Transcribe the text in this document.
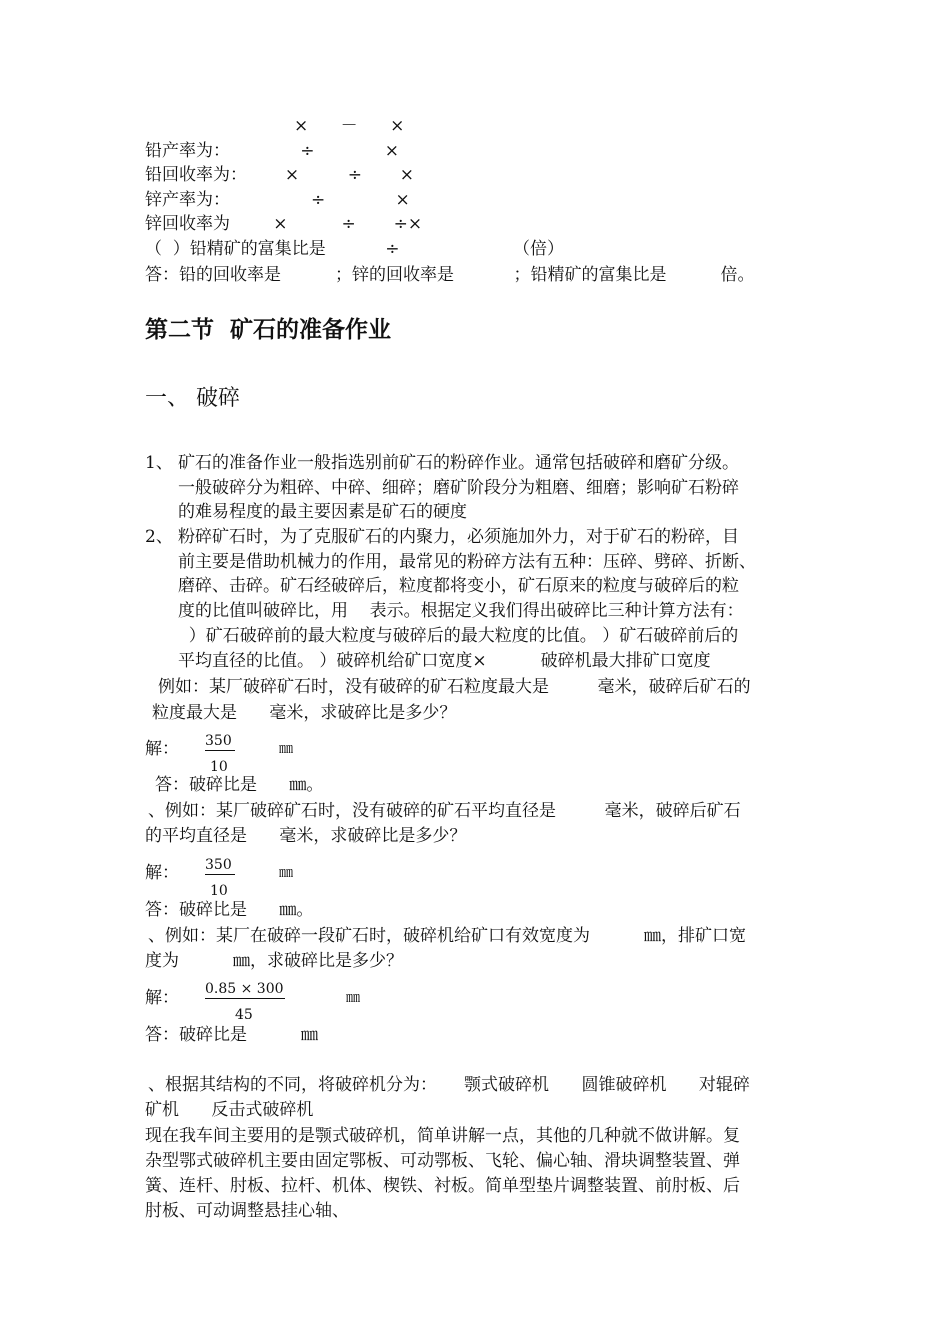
×      －      ×
铅产率为：             ÷             ×
铅回收率为：       ×         ÷       ×
锌产率为：               ÷             ×
锌回收率为        ×          ÷       ÷×
（  ）铅精矿的富集比是           ÷                     （倍）
答：铅的回收率是          ；锌的回收率是           ；铅精矿的富集比是          倍。
第二节  矿石的准备作业
一、 破碎
1、 矿石的准备作业一般指选别前矿石的粉碎作业。通常包括破碎和磨矿分级。
一般破碎分为粗碎、中碎、细碎；磨矿阶段分为粗磨、细磨；影响矿石粉碎
的难易程度的最主要因素是矿石的硬度
2、 粉碎矿石时，为了克服矿石的内聚力，必须施加外力，对于矿石的粉碎，目
前主要是借助机械力的作用，最常见的粉碎方法有五种：压碎、劈碎、折断、
磨碎、击碎。矿石经破碎后，粒度都将变小，矿石原来的粒度与破碎后的粒
度的比值叫破碎比，用    表示。根据定义我们得出破碎比三种计算方法有：
）矿石破碎前的最大粒度与破碎后的最大粒度的比值。 ）矿石破碎前后的
平均直径的比值。 ）破碎机给矿口宽度×          破碎机最大排矿口宽度
例如：某厂破碎矿石时，没有破碎的矿石粒度最大是         毫米，破碎后矿石的
粒度最大是      毫米，求破碎比是多少？
解： 350
10
㎜
答：破碎比是      ㎜。
、例如：某厂破碎矿石时，没有破碎的矿石平均直径是         毫米，破碎后矿石
的平均直径是      毫米，求破碎比是多少？
解： 350
10
㎜
答：破碎比是      ㎜。
、例如：某厂在破碎一段矿石时，破碎机给矿口有效宽度为          ㎜，排矿口宽
度为          ㎜，求破碎比是多少？
解： 0.85 × 300
45
㎜
答：破碎比是          ㎜
、根据其结构的不同，将破碎机分为：     颚式破碎机      圆锥破碎机      对辊碎
矿机      反击式破碎机
现在我车间主要用的是颚式破碎机，简单讲解一点，其他的几种就不做讲解。复
杂型鄂式破碎机主要由固定鄂板、可动鄂板、飞轮、偏心轴、滑块调整装置、弹
簧、连杆、肘板、拉杆、机体、楔铁、衬板。简单型垫片调整装置、前肘板、后
肘板、可动调整悬挂心轴、
